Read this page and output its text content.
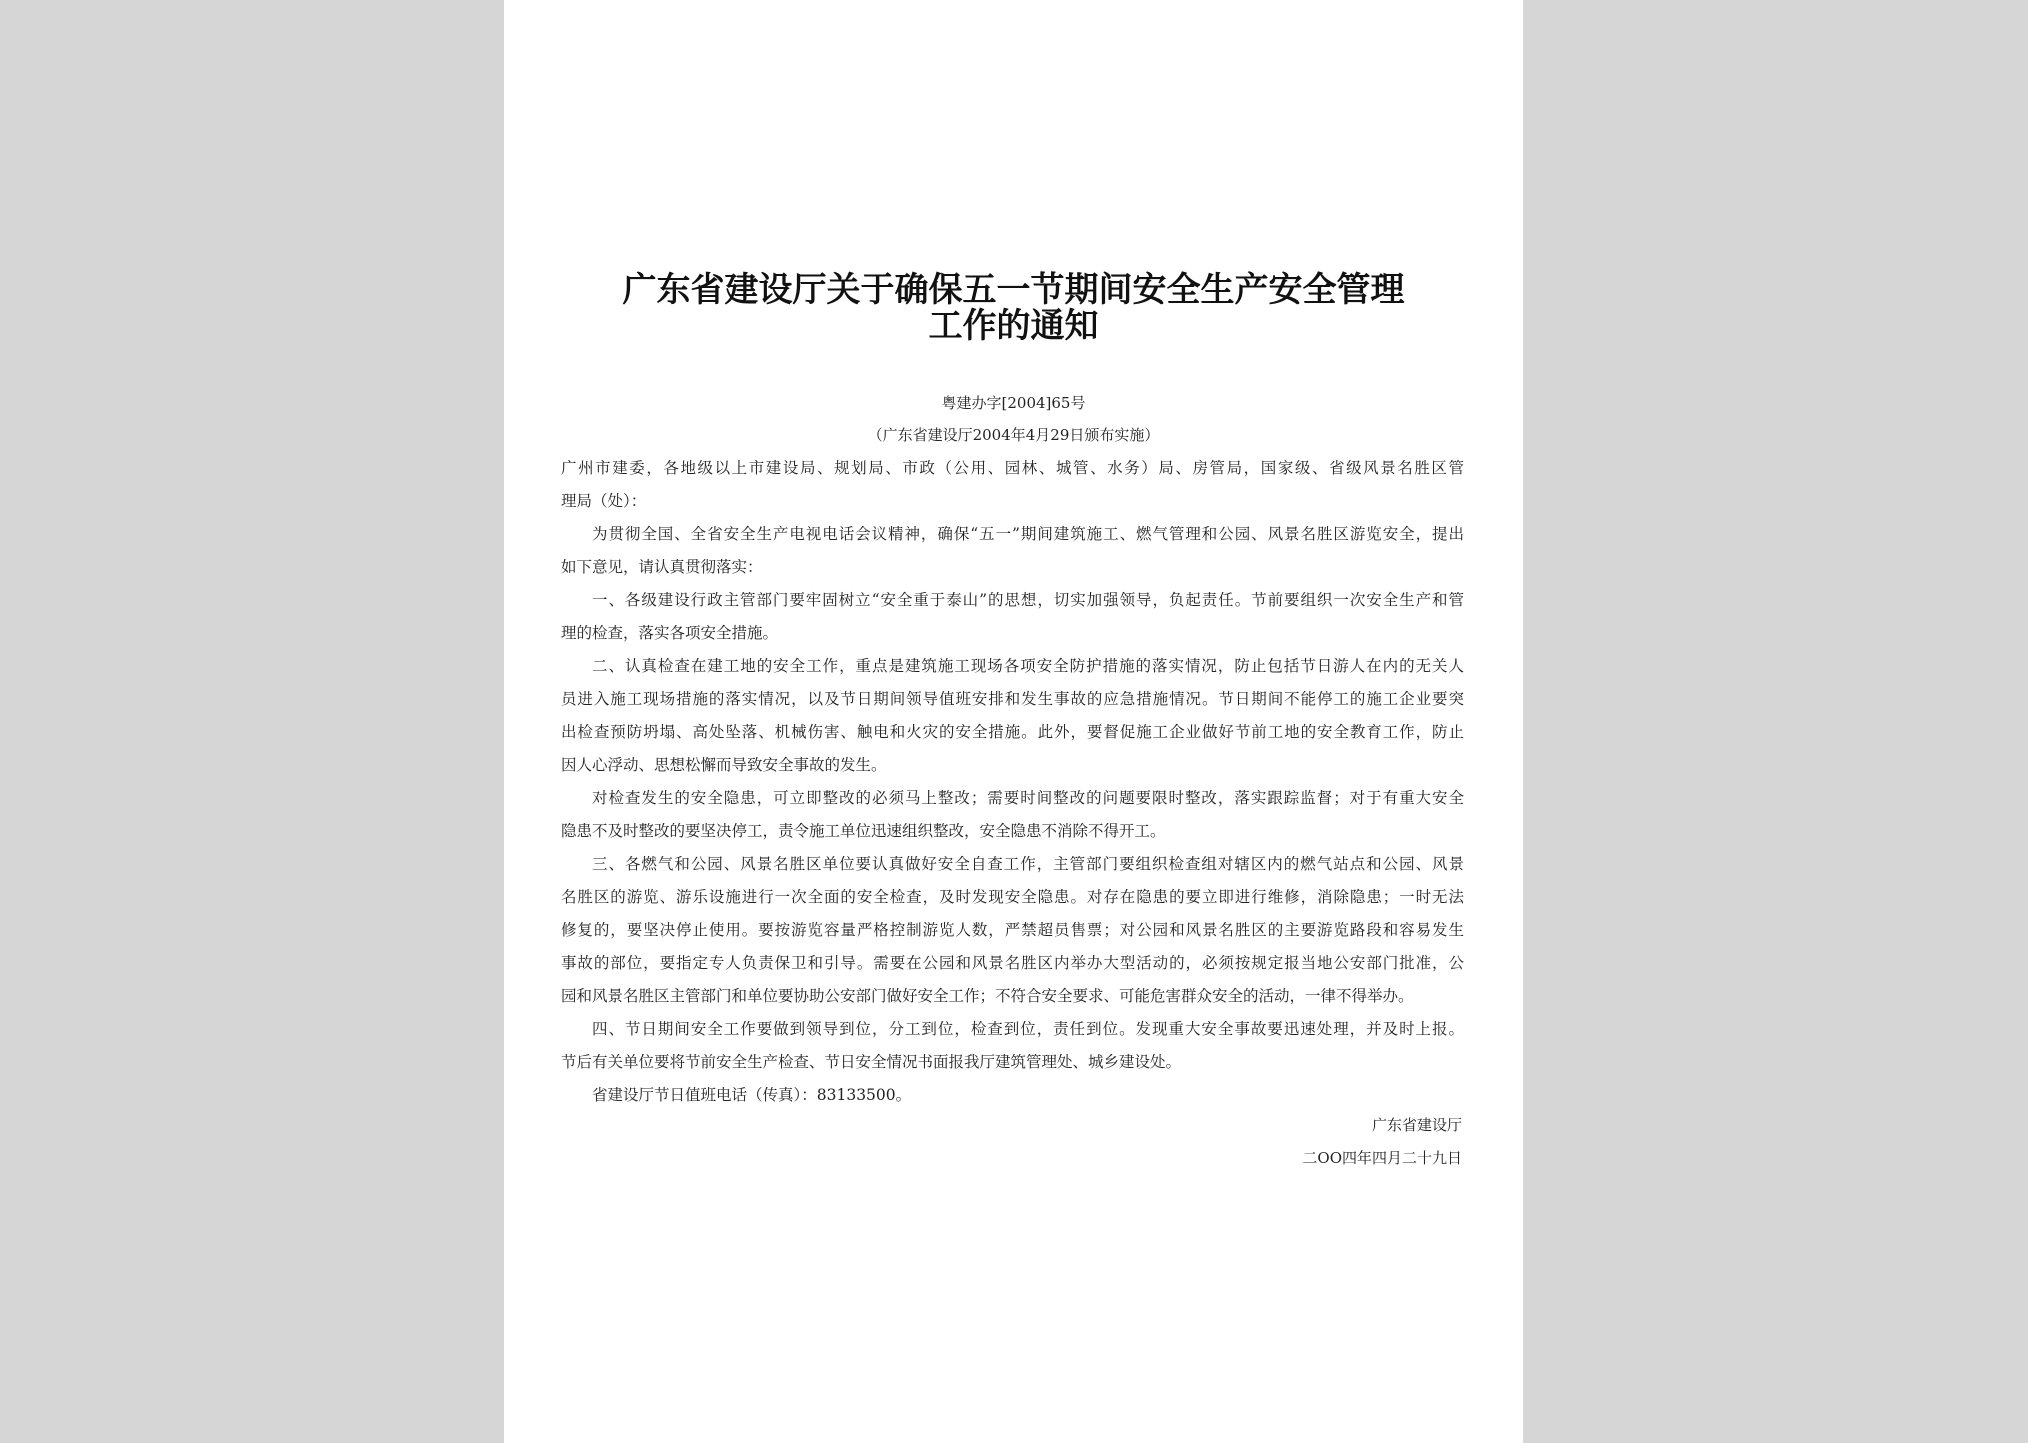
广东省建设厅关于确保五一节期间安全生产安全管理
工作的通知
粤建办字[2004]65号
（广东省建设厅2004年4月29日颁布实施）
广州市建委，各地级以上市建设局、规划局、市政（公用、园林、城管、水务）局、房管局，国家级、省级风景名胜区管
理局（处）：
为贯彻全国、全省安全生产电视电话会议精神，确保“五一”期间建筑施工、燃气管理和公园、风景名胜区游览安全，提出
如下意见，请认真贯彻落实：
一、各级建设行政主管部门要牢固树立“安全重于泰山”的思想，切实加强领导，负起责任。节前要组织一次安全生产和管
理的检查，落实各项安全措施。
二、认真检查在建工地的安全工作，重点是建筑施工现场各项安全防护措施的落实情况，防止包括节日游人在内的无关人
员进入施工现场措施的落实情况，以及节日期间领导值班安排和发生事故的应急措施情况。节日期间不能停工的施工企业要突
出检查预防坍塌、高处坠落、机械伤害、触电和火灾的安全措施。此外，要督促施工企业做好节前工地的安全教育工作，防止
因人心浮动、思想松懈而导致安全事故的发生。
对检查发生的安全隐患，可立即整改的必须马上整改；需要时间整改的问题要限时整改，落实跟踪监督；对于有重大安全
隐患不及时整改的要坚决停工，责令施工单位迅速组织整改，安全隐患不消除不得开工。
三、各燃气和公园、风景名胜区单位要认真做好安全自查工作，主管部门要组织检查组对辖区内的燃气站点和公园、风景
名胜区的游览、游乐设施进行一次全面的安全检查，及时发现安全隐患。对存在隐患的要立即进行维修，消除隐患；一时无法
修复的，要坚决停止使用。要按游览容量严格控制游览人数，严禁超员售票；对公园和风景名胜区的主要游览路段和容易发生
事故的部位，要指定专人负责保卫和引导。需要在公园和风景名胜区内举办大型活动的，必须按规定报当地公安部门批准，公
园和风景名胜区主管部门和单位要协助公安部门做好安全工作；不符合安全要求、可能危害群众安全的活动，一律不得举办。
四、节日期间安全工作要做到领导到位，分工到位，检查到位，责任到位。发现重大安全事故要迅速处理，并及时上报。
节后有关单位要将节前安全生产检查、节日安全情况书面报我厅建筑管理处、城乡建设处。
省建设厅节日值班电话（传真）：83133500。
广东省建设厅
二OO四年四月二十九日
